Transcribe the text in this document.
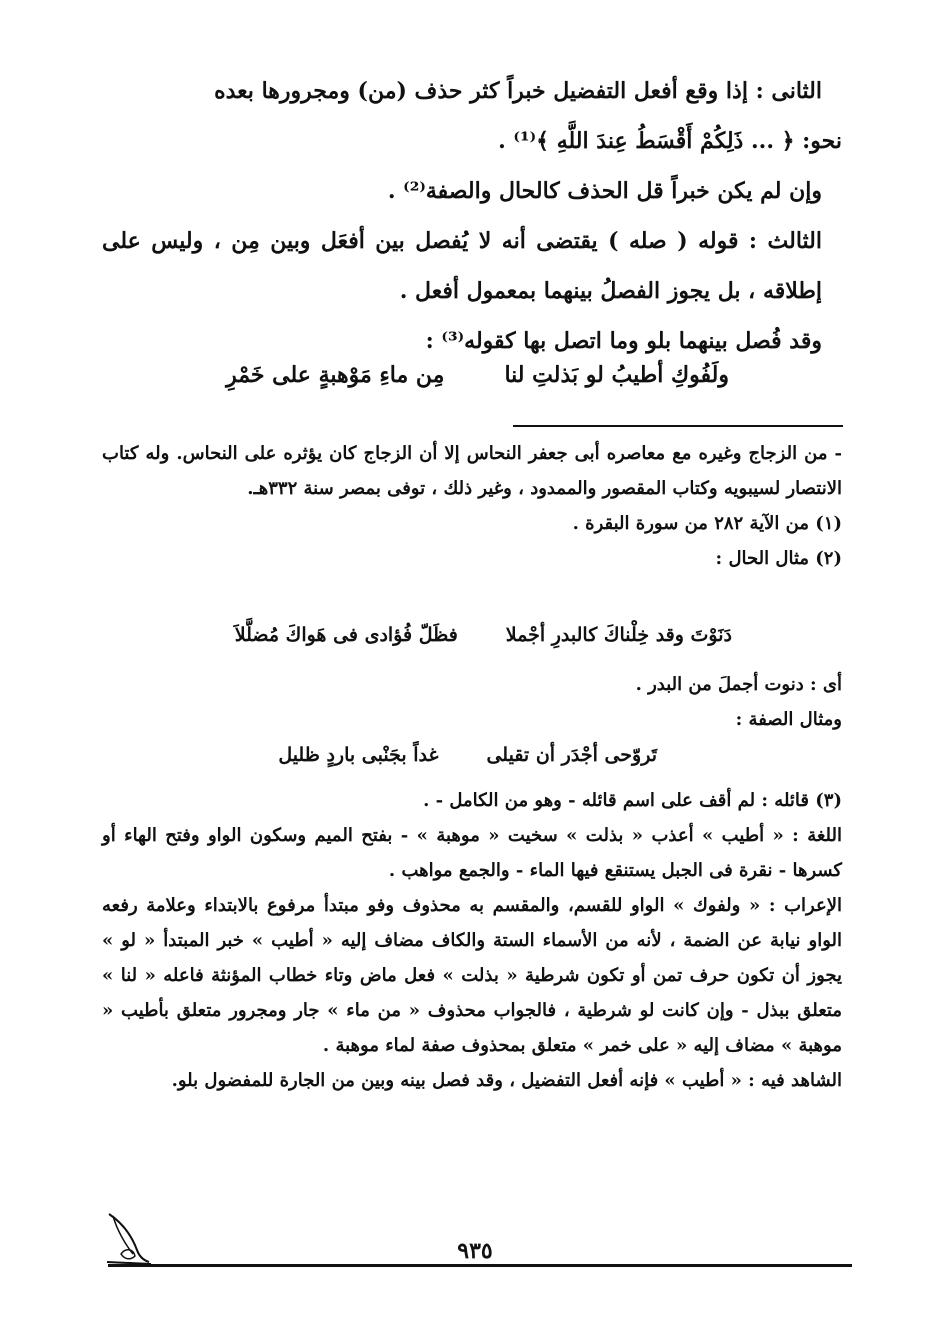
الثانى : إذا وقع أفعل التفضيل خبراً كثر حذف (من) ومجرورها بعده

نحو: ﴿ ... ذَلِكُمْ أَقْسَطُ عِندَ اللَّهِ ﴾⁽¹⁾ .

وإن لم يكن خبراً قل الحذف كالحال والصفة⁽²⁾ .

الثالث : قوله ( صله ) يقتضى أنه لا يُفصل بين أفعَل وبين مِن ، وليس على إطلاقه ، بل يجوز الفصلُ بينهما بمعمول أفعل .

وقد فُصل بينهما بلو وما اتصل بها كقوله⁽³⁾ :

ولَفُوكِ أطيبُ لو بَذلتِ لنا
مِن ماءِ مَوْهبةٍ على خَمْرِ

- من الزجاج وغيره مع معاصره أبى جعفر النحاس إلا أن الزجاج كان يؤثره على النحاس. وله كتاب الانتصار لسيبويه وكتاب المقصور والممدود ، وغير ذلك ، توفى بمصر سنة ٣٣٢هـ.

(١) من الآية ٢٨٢ من سورة البقرة .

(٢) مثال الحال :

دَنَوْتَ وقد خِلْناكَ كالبدرِ أجْملا
فظَلّ فُؤادى فى هَواكَ مُضلَّلاَ

أى : دنوت أجملَ من البدر .

ومثال الصفة :

تَروّحى أجْدَر أن تقيلى
غداً بجَنْبى باردٍ ظليل

(٣) قائله : لم أقف على اسم قائله - وهو من الكامل - .

اللغة : « أطيب » أعذب « بذلت » سخيت « موهبة » - بفتح الميم وسكون الواو وفتح الهاء أو كسرها - نقرة فى الجبل يستنقع فيها الماء - والجمع مواهب .

الإعراب : « ولفوك » الواو للقسم، والمقسم به محذوف وفو مبتدأ مرفوع بالابتداء وعلامة رفعه الواو نيابة عن الضمة ، لأنه من الأسماء الستة والكاف مضاف إليه « أطيب » خبر المبتدأ « لو » يجوز أن تكون حرف تمن أو تكون شرطية « بذلت » فعل ماض وتاء خطاب المؤنثة فاعله « لنا » متعلق ببذل - وإن كانت لو شرطية ، فالجواب محذوف « من ماء » جار ومجرور متعلق بأطيب « موهبة » مضاف إليه « على خمر » متعلق بمحذوف صفة لماء موهبة .

الشاهد فيه : « أطيب » فإنه أفعل التفضيل ، وقد فصل بينه وبين من الجارة للمفضول بلو.

٩٣٥
